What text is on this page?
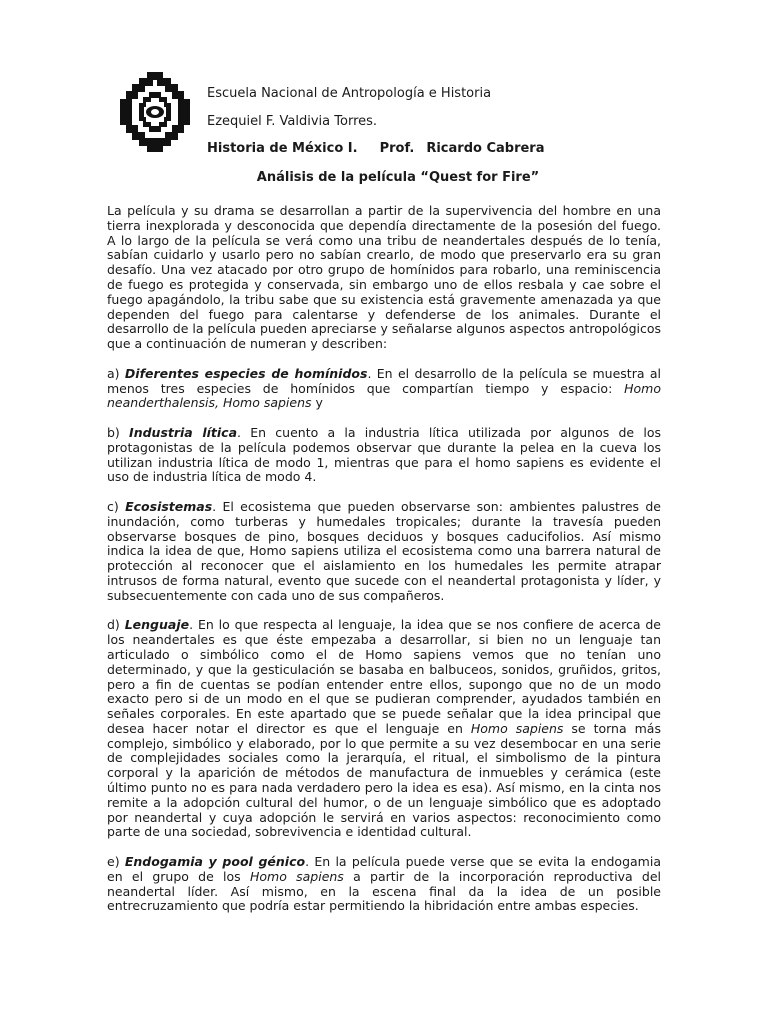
Escuela Nacional de Antropología e Historia
Ezequiel F. Valdivia Torres.
Historia de México I. Prof. Ricardo Cabrera
Análisis de la película “Quest for Fire”

La película y su drama se desarrollan a partir de la supervivencia del hombre en una tierra inexplorada y desconocida que dependía directamente de la posesión del fuego. A lo largo de la película se verá como una tribu de neandertales después de lo tenía, sabían cuidarlo y usarlo pero no sabían crearlo, de modo que preservarlo era su gran desafío. Una vez atacado por otro grupo de homínidos para robarlo, una reminiscencia de fuego es protegida y conservada, sin embargo uno de ellos resbala y cae sobre el fuego apagándolo, la tribu sabe que su existencia está gravemente amenazada ya que dependen del fuego para calentarse y defenderse de los animales. Durante el desarrollo de la película pueden apreciarse y señalarse algunos aspectos antropológicos que a continuación de numeran y describen:

a) Diferentes especies de homínidos. En el desarrollo de la película se muestra al menos tres especies de homínidos que compartían tiempo y espacio: Homo neanderthalensis, Homo sapiens y

b) Industria lítica. En cuento a la industria lítica utilizada por algunos de los protagonistas de la película podemos observar que durante la pelea en la cueva los utilizan industria lítica de modo 1, mientras que para el homo sapiens es evidente el uso de industria lítica de modo 4.

c) Ecosistemas. El ecosistema que pueden observarse son: ambientes palustres de inundación, como turberas y humedales tropicales; durante la travesía pueden observarse bosques de pino, bosques deciduos y bosques caducifolios. Así mismo indica la idea de que, Homo sapiens utiliza el ecosistema como una barrera natural de protección al reconocer que el aislamiento en los humedales les permite atrapar intrusos de forma natural, evento que sucede con el neandertal protagonista y líder, y subsecuentemente con cada uno de sus compañeros.

d) Lenguaje. En lo que respecta al lenguaje, la idea que se nos confiere de acerca de los neandertales es que éste empezaba a desarrollar, si bien no un lenguaje tan articulado o simbólico como el de Homo sapiens vemos que no tenían uno determinado, y que la gesticulación se basaba en balbuceos, sonidos, gruñidos, gritos, pero a fin de cuentas se podían entender entre ellos, supongo que no de un modo exacto pero si de un modo en el que se pudieran comprender, ayudados también en señales corporales. En este apartado que se puede señalar que la idea principal que desea hacer notar el director es que el lenguaje en Homo sapiens se torna más complejo, simbólico y elaborado, por lo que permite a su vez desembocar en una serie de complejidades sociales como la jerarquía, el ritual, el simbolismo de la pintura corporal y la aparición de métodos de manufactura de inmuebles y cerámica (este último punto no es para nada verdadero pero la idea es esa). Así mismo, en la cinta nos remite a la adopción cultural del humor, o de un lenguaje simbólico que es adoptado por neandertal y cuya adopción le servirá en varios aspectos: reconocimiento como parte de una sociedad, sobrevivencia e identidad cultural.

e) Endogamia y pool génico. En la película puede verse que se evita la endogamia en el grupo de los Homo sapiens a partir de la incorporación reproductiva del neandertal líder. Así mismo, en la escena final da la idea de un posible entrecruzamiento que podría estar permitiendo la hibridación entre ambas especies.
